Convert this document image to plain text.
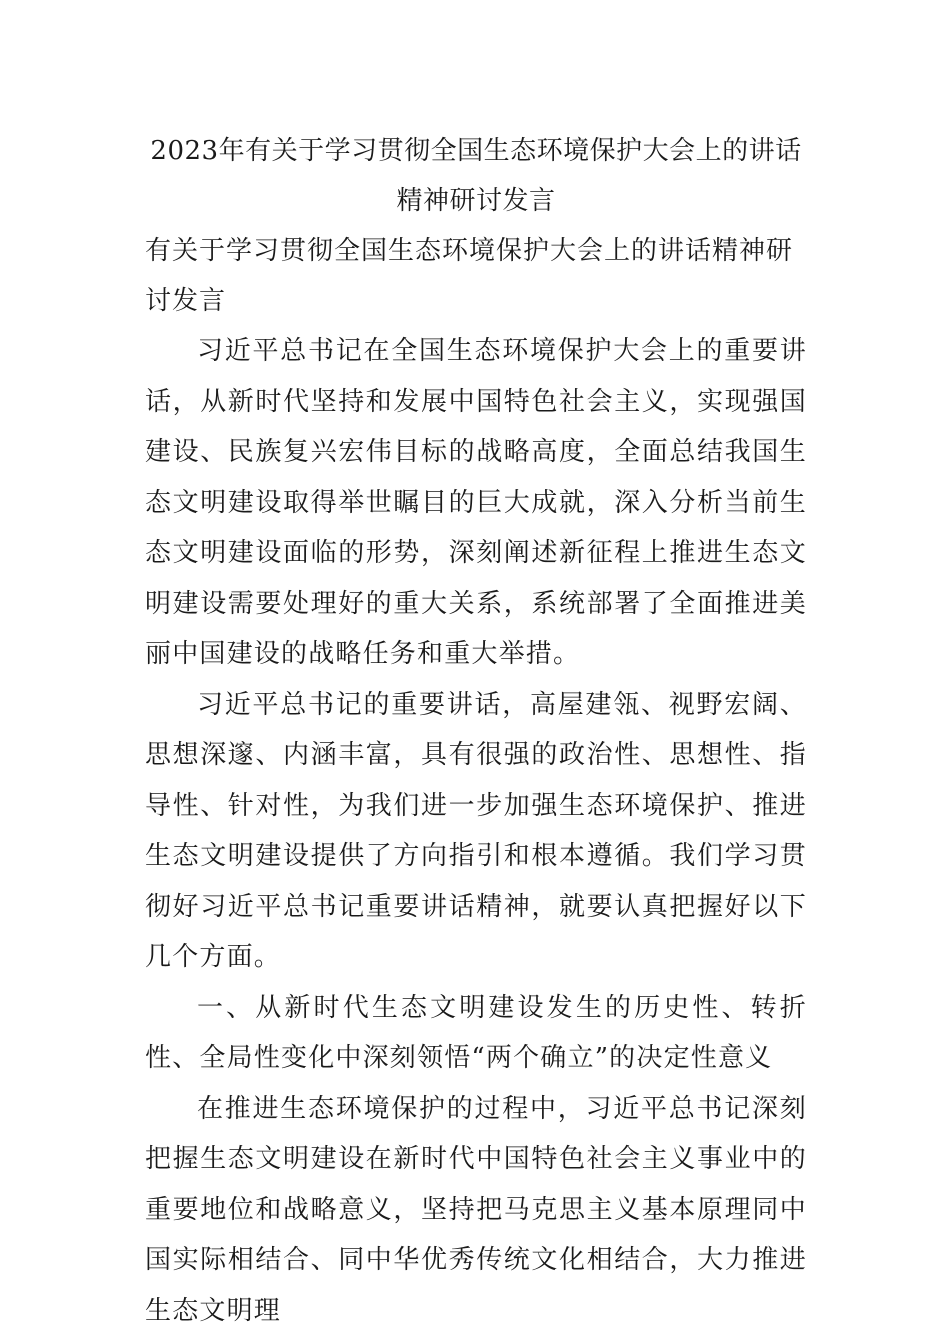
2023年有关于学习贯彻全国生态环境保护大会上的讲话精神研讨发言

有关于学习贯彻全国生态环境保护大会上的讲话精神研讨发言

习近平总书记在全国生态环境保护大会上的重要讲话，从新时代坚持和发展中国特色社会主义，实现强国建设、民族复兴宏伟目标的战略高度，全面总结我国生态文明建设取得举世瞩目的巨大成就，深入分析当前生态文明建设面临的形势，深刻阐述新征程上推进生态文明建设需要处理好的重大关系，系统部署了全面推进美丽中国建设的战略任务和重大举措。

习近平总书记的重要讲话，高屋建瓴、视野宏阔、思想深邃、内涵丰富，具有很强的政治性、思想性、指导性、针对性，为我们进一步加强生态环境保护、推进生态文明建设提供了方向指引和根本遵循。我们学习贯彻好习近平总书记重要讲话精神，就要认真把握好以下几个方面。

一、从新时代生态文明建设发生的历史性、转折性、全局性变化中深刻领悟“两个确立”的决定性意义

在推进生态环境保护的过程中，习近平总书记深刻把握生态文明建设在新时代中国特色社会主义事业中的重要地位和战略意义，坚持把马克思主义基本原理同中国实际相结合、同中华优秀传统文化相结合，大力推进生态文明理
